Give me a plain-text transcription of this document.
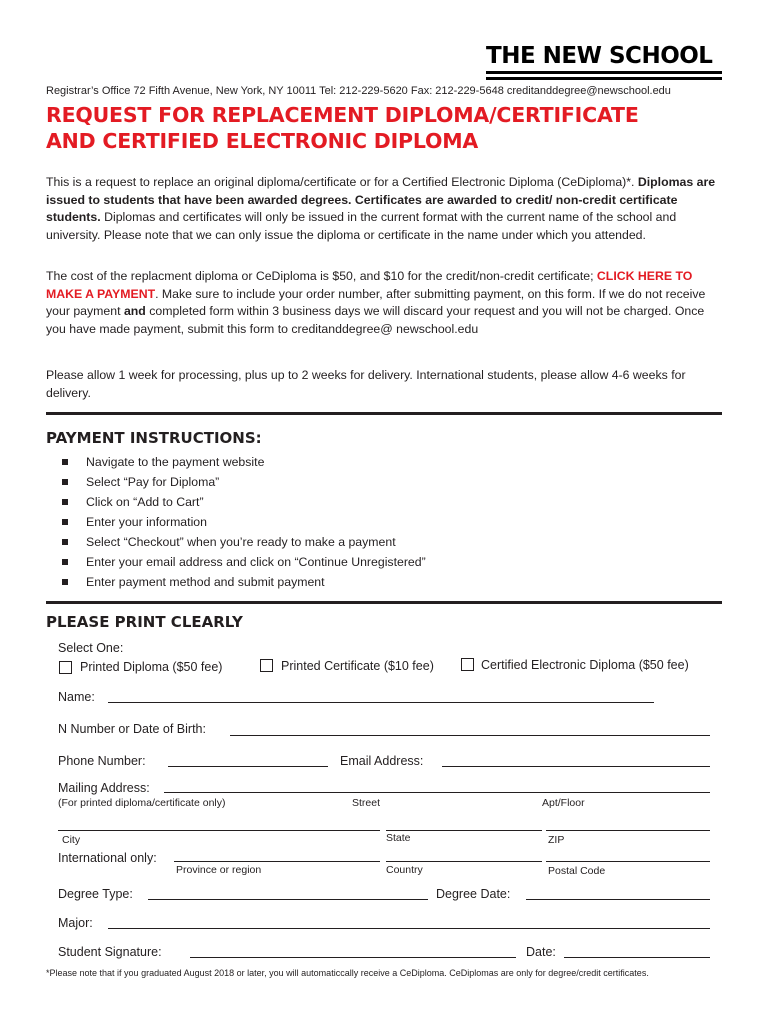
THE NEW SCHOOL
Registrar’s Office 72 Fifth Avenue, New York, NY 10011 Tel: 212-229-5620 Fax: 212-229-5648 creditanddegree@newschool.edu
REQUEST FOR REPLACEMENT DIPLOMA/CERTIFICATE
AND CERTIFIED ELECTRONIC DIPLOMA
This is a request to replace an original diploma/certificate or for a Certified Electronic Diploma (CeDiploma)*. Diplomas are issued to students that have been awarded degrees. Certificates are awarded to credit/ non-credit certificate students. Diplomas and certificates will only be issued in the current format with the current name of the school and university. Please note that we can only issue the diploma or certificate in the name under which you attended.
The cost of the replacment diploma or CeDiploma is $50, and $10 for the credit/non-credit certificate; CLICK HERE TO MAKE A PAYMENT. Make sure to include your order number, after submitting payment, on this form. If we do not receive your payment and completed form within 3 business days we will discard your request and you will not be charged. Once you have made payment, submit this form to creditanddegree@ newschool.edu
Please allow 1 week for processing, plus up to 2 weeks for delivery. International students, please allow 4-6 weeks for delivery.
PAYMENT INSTRUCTIONS:
Navigate to the payment website
Select “Pay for Diploma”
Click on “Add to Cart”
Enter your information
Select “Checkout” when you’re ready to make a payment
Enter your email address and click on “Continue Unregistered”
Enter payment method and submit payment
PLEASE PRINT CLEARLY
Select One:
Printed Diploma ($50 fee)	Printed Certificate ($10 fee)	Certified Electronic Diploma ($50 fee)
Name:
N Number or Date of Birth:
Phone Number:	Email Address:
Mailing Address:
(For printed diploma/certificate only)	Street	Apt/Floor
City	State	ZIP
International only:
Province or region	Country	Postal Code
Degree Type:	Degree Date:
Major:
Student Signature:	Date:
*Please note that if you graduated August 2018 or later, you will automaticcally receive a CeDiploma. CeDiplomas are only for degree/credit certificates.
